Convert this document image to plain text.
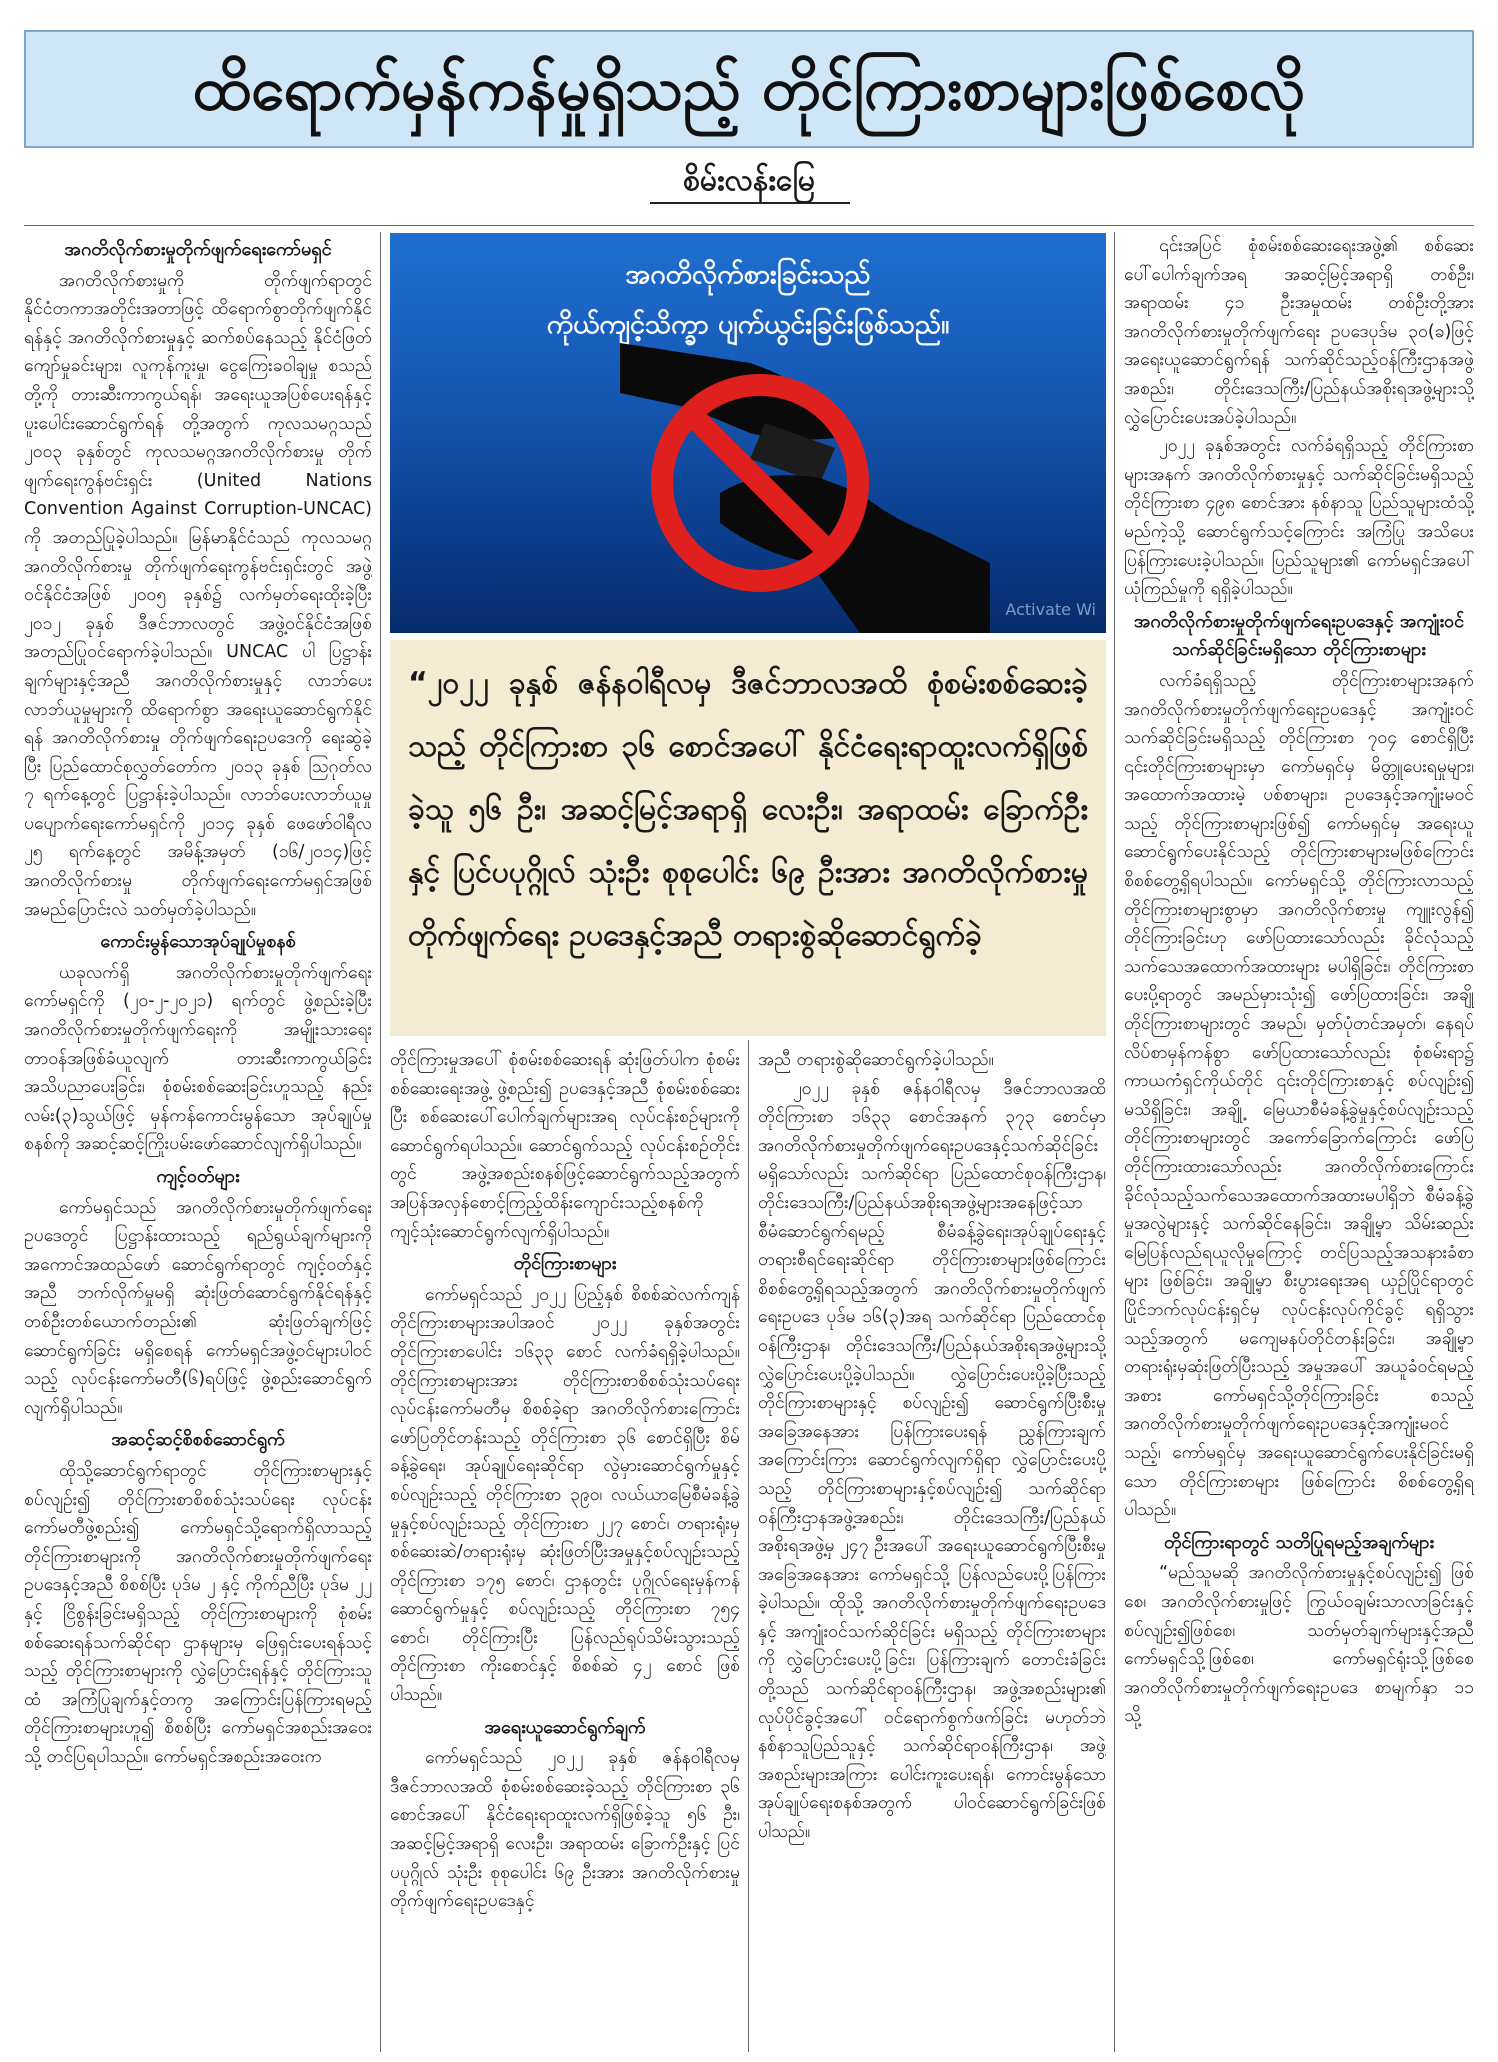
ထိရောက်မှန်ကန်မှုရှိသည့် တိုင်ကြားစာများဖြစ်စေလို
စိမ်းလန်းမြေ
အဂတိလိုက်စားမှုတိုက်ဖျက်ရေးကော်မရှင်

အဂတိလိုက်စားမှုကို တိုက်ဖျက်ရာတွင် နိုင်ငံတကာအတိုင်းအတာဖြင့် ထိရောက်စွာတိုက်ဖျက်နိုင်ရန်နှင့် အဂတိလိုက်စားမှုနှင့် ဆက်စပ်နေသည့် နိုင်ငံဖြတ်ကျော်မှုခင်းများ၊ လူကုန်ကူးမှု၊ ငွေကြေးခဝါချမှု စသည်တို့ကို တားဆီးကာကွယ်ရန်၊ အရေးယူအပြစ်ပေးရန်နှင့် ပူးပေါင်းဆောင်ရွက်ရန် တို့အတွက် ကုလသမဂ္ဂသည် ၂၀၀၃ ခုနှစ်တွင် ကုလသမဂ္ဂအဂတိလိုက်စားမှု တိုက်ဖျက်ရေးကွန်ဗင်းရှင်း (United Nations Convention Against Corruption-UNCAC) ကို အတည်ပြုခဲ့ပါသည်။ မြန်မာနိုင်ငံသည် ကုလသမဂ္ဂအဂတိလိုက်စားမှု တိုက်ဖျက်ရေးကွန်ဗင်းရှင်းတွင် အဖွဲ့ဝင်နိုင်ငံအဖြစ် ၂၀၀၅ ခုနှစ်၌ လက်မှတ်ရေးထိုးခဲ့ပြီး ၂၀၁၂ ခုနှစ် ဒီဇင်ဘာလတွင် အဖွဲ့ဝင်နိုင်ငံအဖြစ် အတည်ပြုဝင်ရောက်ခဲ့ပါသည်။ UNCAC ပါ ပြဋ္ဌာန်းချက်များနှင့်အညီ အဂတိလိုက်စားမှုနှင့် လာဘ်ပေးလာဘ်ယူမှုများကို ထိရောက်စွာ အရေးယူဆောင်ရွက်နိုင်ရန် အဂတိလိုက်စားမှု တိုက်ဖျက်ရေးဥပဒေကို ရေးဆွဲခဲ့ပြီး ပြည်ထောင်စုလွှတ်တော်က ၂၀၁၃ ခုနှစ် ဩဂုတ်လ ၇ ရက်နေ့တွင် ပြဋ္ဌာန်းခဲ့ပါသည်။ လာဘ်ပေးလာဘ်ယူမှု ပပျောက်ရေးကော်မရှင်ကို ၂၀၁၄ ခုနှစ် ဖေဖော်ဝါရီလ ၂၅ ရက်နေ့တွင် အမိန့်အမှတ် (၁၆/၂၀၁၄)ဖြင့် အဂတိလိုက်စားမှု တိုက်ဖျက်ရေးကော်မရှင်အဖြစ် အမည်ပြောင်းလဲ သတ်မှတ်ခဲ့ပါသည်။

ကောင်းမွန်သောအုပ်ချုပ်မှုစနစ်

ယခုလက်ရှိ အဂတိလိုက်စားမှုတိုက်ဖျက်ရေး ကော်မရှင်ကို (၂၀-၂-၂၀၂၁) ရက်တွင် ဖွဲ့စည်းခဲ့ပြီး အဂတိလိုက်စားမှုတိုက်ဖျက်ရေးကို အမျိုးသားရေးတာဝန်အဖြစ်ခံယူလျက် တားဆီးကာကွယ်ခြင်းအသိပညာပေးခြင်း၊ စုံစမ်းစစ်ဆေးခြင်းဟူသည့် နည်းလမ်း(၃)သွယ်ဖြင့် မှန်ကန်ကောင်းမွန်သော အုပ်ချုပ်မှုစနစ်ကို အဆင့်ဆင့်ကြိုးပမ်းဖော်ဆောင်လျက်ရှိပါသည်။

ကျင့်ဝတ်များ

ကော်မရှင်သည် အဂတိလိုက်စားမှုတိုက်ဖျက်ရေးဥပဒေတွင် ပြဋ္ဌာန်းထားသည့် ရည်ရွယ်ချက်များကို အကောင်အထည်ဖော် ဆောင်ရွက်ရာတွင် ကျင့်ဝတ်နှင့်အညီ ဘက်လိုက်မှုမရှိ ဆုံးဖြတ်ဆောင်ရွက်နိုင်ရန်နှင့် တစ်ဦးတစ်ယောက်တည်း၏ ဆုံးဖြတ်ချက်ဖြင့် ဆောင်ရွက်ခြင်း မရှိစေရန် ကော်မရှင်အဖွဲ့ဝင်များပါဝင်သည့် လုပ်ငန်းကော်မတီ(၆)ရပ်ဖြင့် ဖွဲ့စည်းဆောင်ရွက်လျက်ရှိပါသည်။

အဆင့်ဆင့်စိစစ်ဆောင်ရွက်

ထိုသို့ဆောင်ရွက်ရာတွင် တိုင်ကြားစာများနှင့်စပ်လျဉ်း၍ တိုင်ကြားစာစိစစ်သုံးသပ်ရေး လုပ်ငန်းကော်မတီဖွဲ့စည်း၍ ကော်မရှင်သို့ရောက်ရှိလာသည့် တိုင်ကြားစာများကို အဂတိလိုက်စားမှုတိုက်ဖျက်ရေးဥပဒေနှင့်အညီ စိစစ်ပြီး ပုဒ်မ ၂ နှင့် ကိုက်ညီပြီး ပုဒ်မ ၂၂ နှင့် ငြိစွန်းခြင်းမရှိသည့် တိုင်ကြားစာများကို စုံစမ်းစစ်ဆေးရန်သက်ဆိုင်ရာ ဌာနများမှ ဖြေရှင်းပေးရန်သင့်သည့် တိုင်ကြားစာများကို လွှဲပြောင်းရန်နှင့် တိုင်ကြားသူထံ အကြံပြုချက်နှင့်တကွ အကြောင်းပြန်ကြားရမည့် တိုင်ကြားစာများဟူ၍ စိစစ်ပြီး ကော်မရှင်အစည်းအဝေးသို့ တင်ပြရပါသည်။ ကော်မရှင်အစည်းအဝေးက

အဂတိလိုက်စားခြင်းသည်
ကိုယ်ကျင့်သိက္ခာ ပျက်ယွင်းခြင်းဖြစ်သည်။
Activate Wi
“၂၀၂၂ ခုနှစ် ဇန်နဝါရီလမှ ဒီဇင်ဘာလအထိ စုံစမ်းစစ်ဆေးခဲ့သည့် တိုင်ကြားစာ ၃၆ စောင်အပေါ် နိုင်ငံရေးရာထူးလက်ရှိဖြစ်ခဲ့သူ ၅၆ ဦး၊ အဆင့်မြင့်အရာရှိ လေးဦး၊ အရာထမ်း ခြောက်ဦးနှင့် ပြင်ပပုဂ္ဂိုလ် သုံးဦး စုစုပေါင်း ၆၉ ဦးအား အဂတိလိုက်စားမှုတိုက်ဖျက်ရေး ဥပဒေနှင့်အညီ တရားစွဲဆိုဆောင်ရွက်ခဲ့

တိုင်ကြားမှုအပေါ် စုံစမ်းစစ်ဆေးရန် ဆုံးဖြတ်ပါက စုံစမ်းစစ်ဆေးရေးအဖွဲ့ ဖွဲ့စည်း၍ ဥပဒေနှင့်အညီ စုံစမ်းစစ်ဆေးပြီး စစ်ဆေးပေါ်ပေါက်ချက်များအရ လုပ်ငန်းစဉ်များကို ဆောင်ရွက်ရပါသည်။ ဆောင်ရွက်သည့် လုပ်ငန်းစဉ်တိုင်းတွင် အဖွဲ့အစည်းစနစ်ဖြင့်ဆောင်ရွက်သည့်အတွက် အပြန်အလှန်စောင့်ကြည့်ထိန်းကျောင်းသည့်စနစ်ကို ကျင့်သုံးဆောင်ရွက်လျက်ရှိပါသည်။

တိုင်ကြားစာများ

ကော်မရှင်သည် ၂၀၂၂ ပြည့်နှစ် စိစစ်ဆဲလက်ကျန်တိုင်ကြားစာများအပါအဝင် ၂၀၂၂ ခုနှစ်အတွင်း တိုင်ကြားစာပေါင်း ၁၆၃၃ စောင် လက်ခံရရှိခဲ့ပါသည်။ တိုင်ကြားစာများအား တိုင်ကြားစာစိစစ်သုံးသပ်ရေးလုပ်ငန်းကော်မတီမှ စိစစ်ခဲ့ရာ အဂတိလိုက်စားကြောင်း ဖော်ပြတိုင်တန်းသည့် တိုင်ကြားစာ ၃၆ စောင်ရှိပြီး စိမ်ခန့်ခွဲရေး၊ အုပ်ချုပ်ရေးဆိုင်ရာ လွဲမှားဆောင်ရွက်မှုနှင့် စပ်လျဉ်းသည့် တိုင်ကြားစာ ၃၉၀၊ လယ်ယာမြေစီမံခန့်ခွဲမှုနှင့်စပ်လျဉ်းသည့် တိုင်ကြားစာ ၂၂၇ စောင်၊ တရားရုံးမှ စစ်ဆေးဆဲ/တရားရုံးမှ ဆုံးဖြတ်ပြီးအမှုနှင့်စပ်လျဉ်းသည့် တိုင်ကြားစာ ၁၇၅ စောင်၊ ဌာနတွင်း ပုဂ္ဂိုလ်ရေးမှန်ကန်ဆောင်ရွက်မှုနှင့် စပ်လျဉ်းသည့် တိုင်ကြားစာ ၇၅၄ စောင်၊ တိုင်ကြားပြီး ပြန်လည်ရုပ်သိမ်းသွားသည့် တိုင်ကြားစာ ကိုးစောင်နှင့် စိစစ်ဆဲ ၄၂ စောင် ဖြစ်ပါသည်။

အရေးယူဆောင်ရွက်ချက်

ကော်မရှင်သည် ၂၀၂၂ ခုနှစ် ဇန်နဝါရီလမှ ဒီဇင်ဘာလအထိ စုံစမ်းစစ်ဆေးခဲ့သည့် တိုင်ကြားစာ ၃၆ စောင်အပေါ် နိုင်ငံရေးရာထူးလက်ရှိဖြစ်ခဲ့သူ ၅၆ ဦး၊ အဆင့်မြင့်အရာရှိ လေးဦး၊ အရာထမ်း ခြောက်ဦးနှင့် ပြင်ပပုဂ္ဂိုလ် သုံးဦး စုစုပေါင်း ၆၉ ဦးအား အဂတိလိုက်စားမှုတိုက်ဖျက်ရေးဥပဒေနှင့်

အညီ တရားစွဲဆိုဆောင်ရွက်ခဲ့ပါသည်။

၂၀၂၂ ခုနှစ် ဇန်နဝါရီလမှ ဒီဇင်ဘာလအထိ တိုင်ကြားစာ ၁၆၃၃ စောင်အနက် ၃၇၃ စောင်မှာ အဂတိလိုက်စားမှုတိုက်ဖျက်ရေးဥပဒေနှင့်သက်ဆိုင်ခြင်းမရှိသော်လည်း သက်ဆိုင်ရာ ပြည်ထောင်စုဝန်ကြီးဌာန၊ တိုင်းဒေသကြီး/ပြည်နယ်အစိုးရအဖွဲ့များအနေဖြင့်သာ စီမံဆောင်ရွက်ရမည့် စီမံခန့်ခွဲရေး၊အုပ်ချုပ်ရေးနှင့် တရားစီရင်ရေးဆိုင်ရာ တိုင်ကြားစာများဖြစ်ကြောင်း စိစစ်တွေ့ရှိရသည့်အတွက် အဂတိလိုက်စားမှုတိုက်ဖျက်ရေးဥပဒေ ပုဒ်မ ၁၆(၃)အရ သက်ဆိုင်ရာ ပြည်ထောင်စုဝန်ကြီးဌာန၊ တိုင်းဒေသကြီး/ပြည်နယ်အစိုးရအဖွဲ့များသို့ လွှဲပြောင်းပေးပို့ခဲ့ပါသည်။ လွှဲပြောင်းပေးပို့ခဲ့ပြီးသည့် တိုင်ကြားစာများနှင့် စပ်လျဉ်း၍ ဆောင်ရွက်ပြီးစီးမှုအခြေအနေအား ပြန်ကြားပေးရန် ညွှန်ကြားချက်အကြောင်းကြား ဆောင်ရွက်လျက်ရှိရာ လွှဲပြောင်းပေးပို့သည့် တိုင်ကြားစာများနှင့်စပ်လျဉ်း၍ သက်ဆိုင်ရာဝန်ကြီးဌာနအဖွဲ့အစည်း၊ တိုင်းဒေသကြီး/ပြည်နယ်အစိုးရအဖွဲ့မှ ၂၄၇ ဦးအပေါ် အရေးယူဆောင်ရွက်ပြီးစီးမှု အခြေအနေအား ကော်မရှင်သို့ ပြန်လည်ပေးပို့ပြန်ကြားခဲ့ပါသည်။ ထိုသို့ အဂတိလိုက်စားမှုတိုက်ဖျက်ရေးဥပဒေနှင့် အကျုံးဝင်သက်ဆိုင်ခြင်း မရှိသည့် တိုင်ကြားစာများကို လွှဲပြောင်းပေးပို့ခြင်း၊ ပြန်ကြားချက် တောင်းခံခြင်းတို့သည် သက်ဆိုင်ရာဝန်ကြီးဌာန၊ အဖွဲ့အစည်းများ၏ လုပ်ပိုင်ခွင့်အပေါ် ဝင်ရောက်စွက်ဖက်ခြင်း မဟုတ်ဘဲ နစ်နာသူပြည်သူနှင့် သက်ဆိုင်ရာဝန်ကြီးဌာန၊ အဖွဲ့အစည်းများအကြား ပေါင်းကူးပေးရန်၊ ကောင်းမွန်သောအုပ်ချုပ်ရေးစနစ်အတွက် ပါဝင်ဆောင်ရွက်ခြင်းဖြစ်ပါသည်။

၎င်းအပြင် စုံစမ်းစစ်ဆေးရေးအဖွဲ့၏ စစ်ဆေးပေါ်ပေါက်ချက်အရ အဆင့်မြင့်အရာရှိ တစ်ဦး၊ အရာထမ်း ၄၁ ဦးအမှုထမ်း တစ်ဦးတို့အား အဂတိလိုက်စားမှုတိုက်ဖျက်ရေး ဥပဒေပုဒ်မ ၃၀(ခ)ဖြင့် အရေးယူဆောင်ရွက်ရန် သက်ဆိုင်သည့်ဝန်ကြီးဌာနအဖွဲ့အစည်း၊ တိုင်းဒေသကြီး/ပြည်နယ်အစိုးရအဖွဲ့များသို့ လွှဲပြောင်းပေးအပ်ခဲ့ပါသည်။

၂၀၂၂ ခုနှစ်အတွင်း လက်ခံရရှိသည့် တိုင်ကြားစာများအနက် အဂတိလိုက်စားမှုနှင့် သက်ဆိုင်ခြင်းမရှိသည့် တိုင်ကြားစာ ၄၉၈ စောင်အား နစ်နာသူ ပြည်သူများထံသို့ မည်ကဲ့သို့ ဆောင်ရွက်သင့်ကြောင်း အကြံပြု အသိပေးပြန်ကြားပေးခဲ့ပါသည်။ ပြည်သူများ၏ ကော်မရှင်အပေါ် ယုံကြည်မှုကို ရရှိခဲ့ပါသည်။

အဂတိလိုက်စားမှုတိုက်ဖျက်ရေးဥပဒေနှင့် အကျုံးဝင် သက်ဆိုင်ခြင်းမရှိသော တိုင်ကြားစာများ

လက်ခံရရှိသည့် တိုင်ကြားစာများအနက် အဂတိလိုက်စားမှုတိုက်ဖျက်ရေးဥပဒေနှင့် အကျုံးဝင် သက်ဆိုင်ခြင်းမရှိသည့် တိုင်ကြားစာ ၇၀၄ စောင်ရှိပြီး ၎င်းတိုင်ကြားစာများမှာ ကော်မရှင်မှ မိတ္တူပေးရမှုများ၊ အထောက်အထားမဲ့ ပစ်စာများ၊ ဥပဒေနှင့်အကျုံးမဝင်သည့် တိုင်ကြားစာများဖြစ်၍ ကော်မရှင်မှ အရေးယူဆောင်ရွက်ပေးနိုင်သည့် တိုင်ကြားစာများမဖြစ်ကြောင်း စိစစ်တွေ့ရှိရပါသည်။ ကော်မရှင်သို့ တိုင်ကြားလာသည့် တိုင်ကြားစာများစွာမှာ အဂတိလိုက်စားမှု ကျူးလွန်၍ တိုင်ကြားခြင်းဟု ဖော်ပြထားသော်လည်း ခိုင်လုံသည့်သက်သေအထောက်အထားများ မပါရှိခြင်း၊ တိုင်ကြားစာပေးပို့ရာတွင် အမည်မှားသုံး၍ ဖော်ပြထားခြင်း၊ အချို့တိုင်ကြားစာများတွင် အမည်၊ မှတ်ပုံတင်အမှတ်၊ နေရပ်လိပ်စာမှန်ကန်စွာ ဖော်ပြထားသော်လည်း စုံစမ်းရာ၌ ကာယကံရှင်ကိုယ်တိုင် ၎င်းတိုင်ကြားစာနှင့် စပ်လျဉ်း၍ မသိရှိခြင်း၊ အချို့ မြေယာစီမံခန့်ခွဲမှုနှင့်စပ်လျဉ်းသည့်တိုင်ကြားစာများတွင် အကော်ခြောက်ကြောင်း ဖော်ပြတိုင်ကြားထားသော်လည်း အဂတိလိုက်စားကြောင်း ခိုင်လုံသည့်သက်သေအထောက်အထားမပါရှိဘဲ စီမံခန့်ခွဲမှုအလွဲများနှင့် သက်ဆိုင်နေခြင်း၊ အချို့မှာ သိမ်းဆည်းမြေပြန်လည်ရယူလိုမှုကြောင့် တင်ပြသည့်အသနားခံစာများ ဖြစ်ခြင်း၊ အချို့မှာ စီးပွားရေးအရ ယှဉ်ပြိုင်ရာတွင် ပြိုင်ဘက်လုပ်ငန်းရှင်မှ လုပ်ငန်းလုပ်ကိုင်ခွင့် ရရှိသွားသည့်အတွက် မကျေမနပ်တိုင်တန်းခြင်း၊ အချို့မှာ တရားရုံးမှဆုံးဖြတ်ပြီးသည့် အမှုအပေါ် အယူခံဝင်ရမည့်အစား ကော်မရှင်သို့တိုင်ကြားခြင်း စသည့် အဂတိလိုက်စားမှုတိုက်ဖျက်ရေးဥပဒေနှင့်အကျုံးမဝင်သည့်၊ ကော်မရှင်မှ အရေးယူဆောင်ရွက်ပေးနိုင်ခြင်းမရှိသော တိုင်ကြားစာများ ဖြစ်ကြောင်း စိစစ်တွေ့ရှိရပါသည်။

တိုင်ကြားရာတွင် သတိပြုရမည့်အချက်များ

“မည်သူမဆို အဂတိလိုက်စားမှုနှင့်စပ်လျဉ်း၍ ဖြစ်စေ၊ အဂတိလိုက်စားမှုဖြင့် ကြွယ်ဝချမ်းသာလာခြင်းနှင့် စပ်လျဉ်း၍ဖြစ်စေ၊ သတ်မှတ်ချက်များနှင့်အညီ ကော်မရှင်သို့ဖြစ်စေ၊ ကော်မရှင်ရုံးသို့ဖြစ်စေ အဂတိလိုက်စားမှုတိုက်ဖျက်ရေးဥပဒေ စာမျက်နှာ ၁၁ သို့
